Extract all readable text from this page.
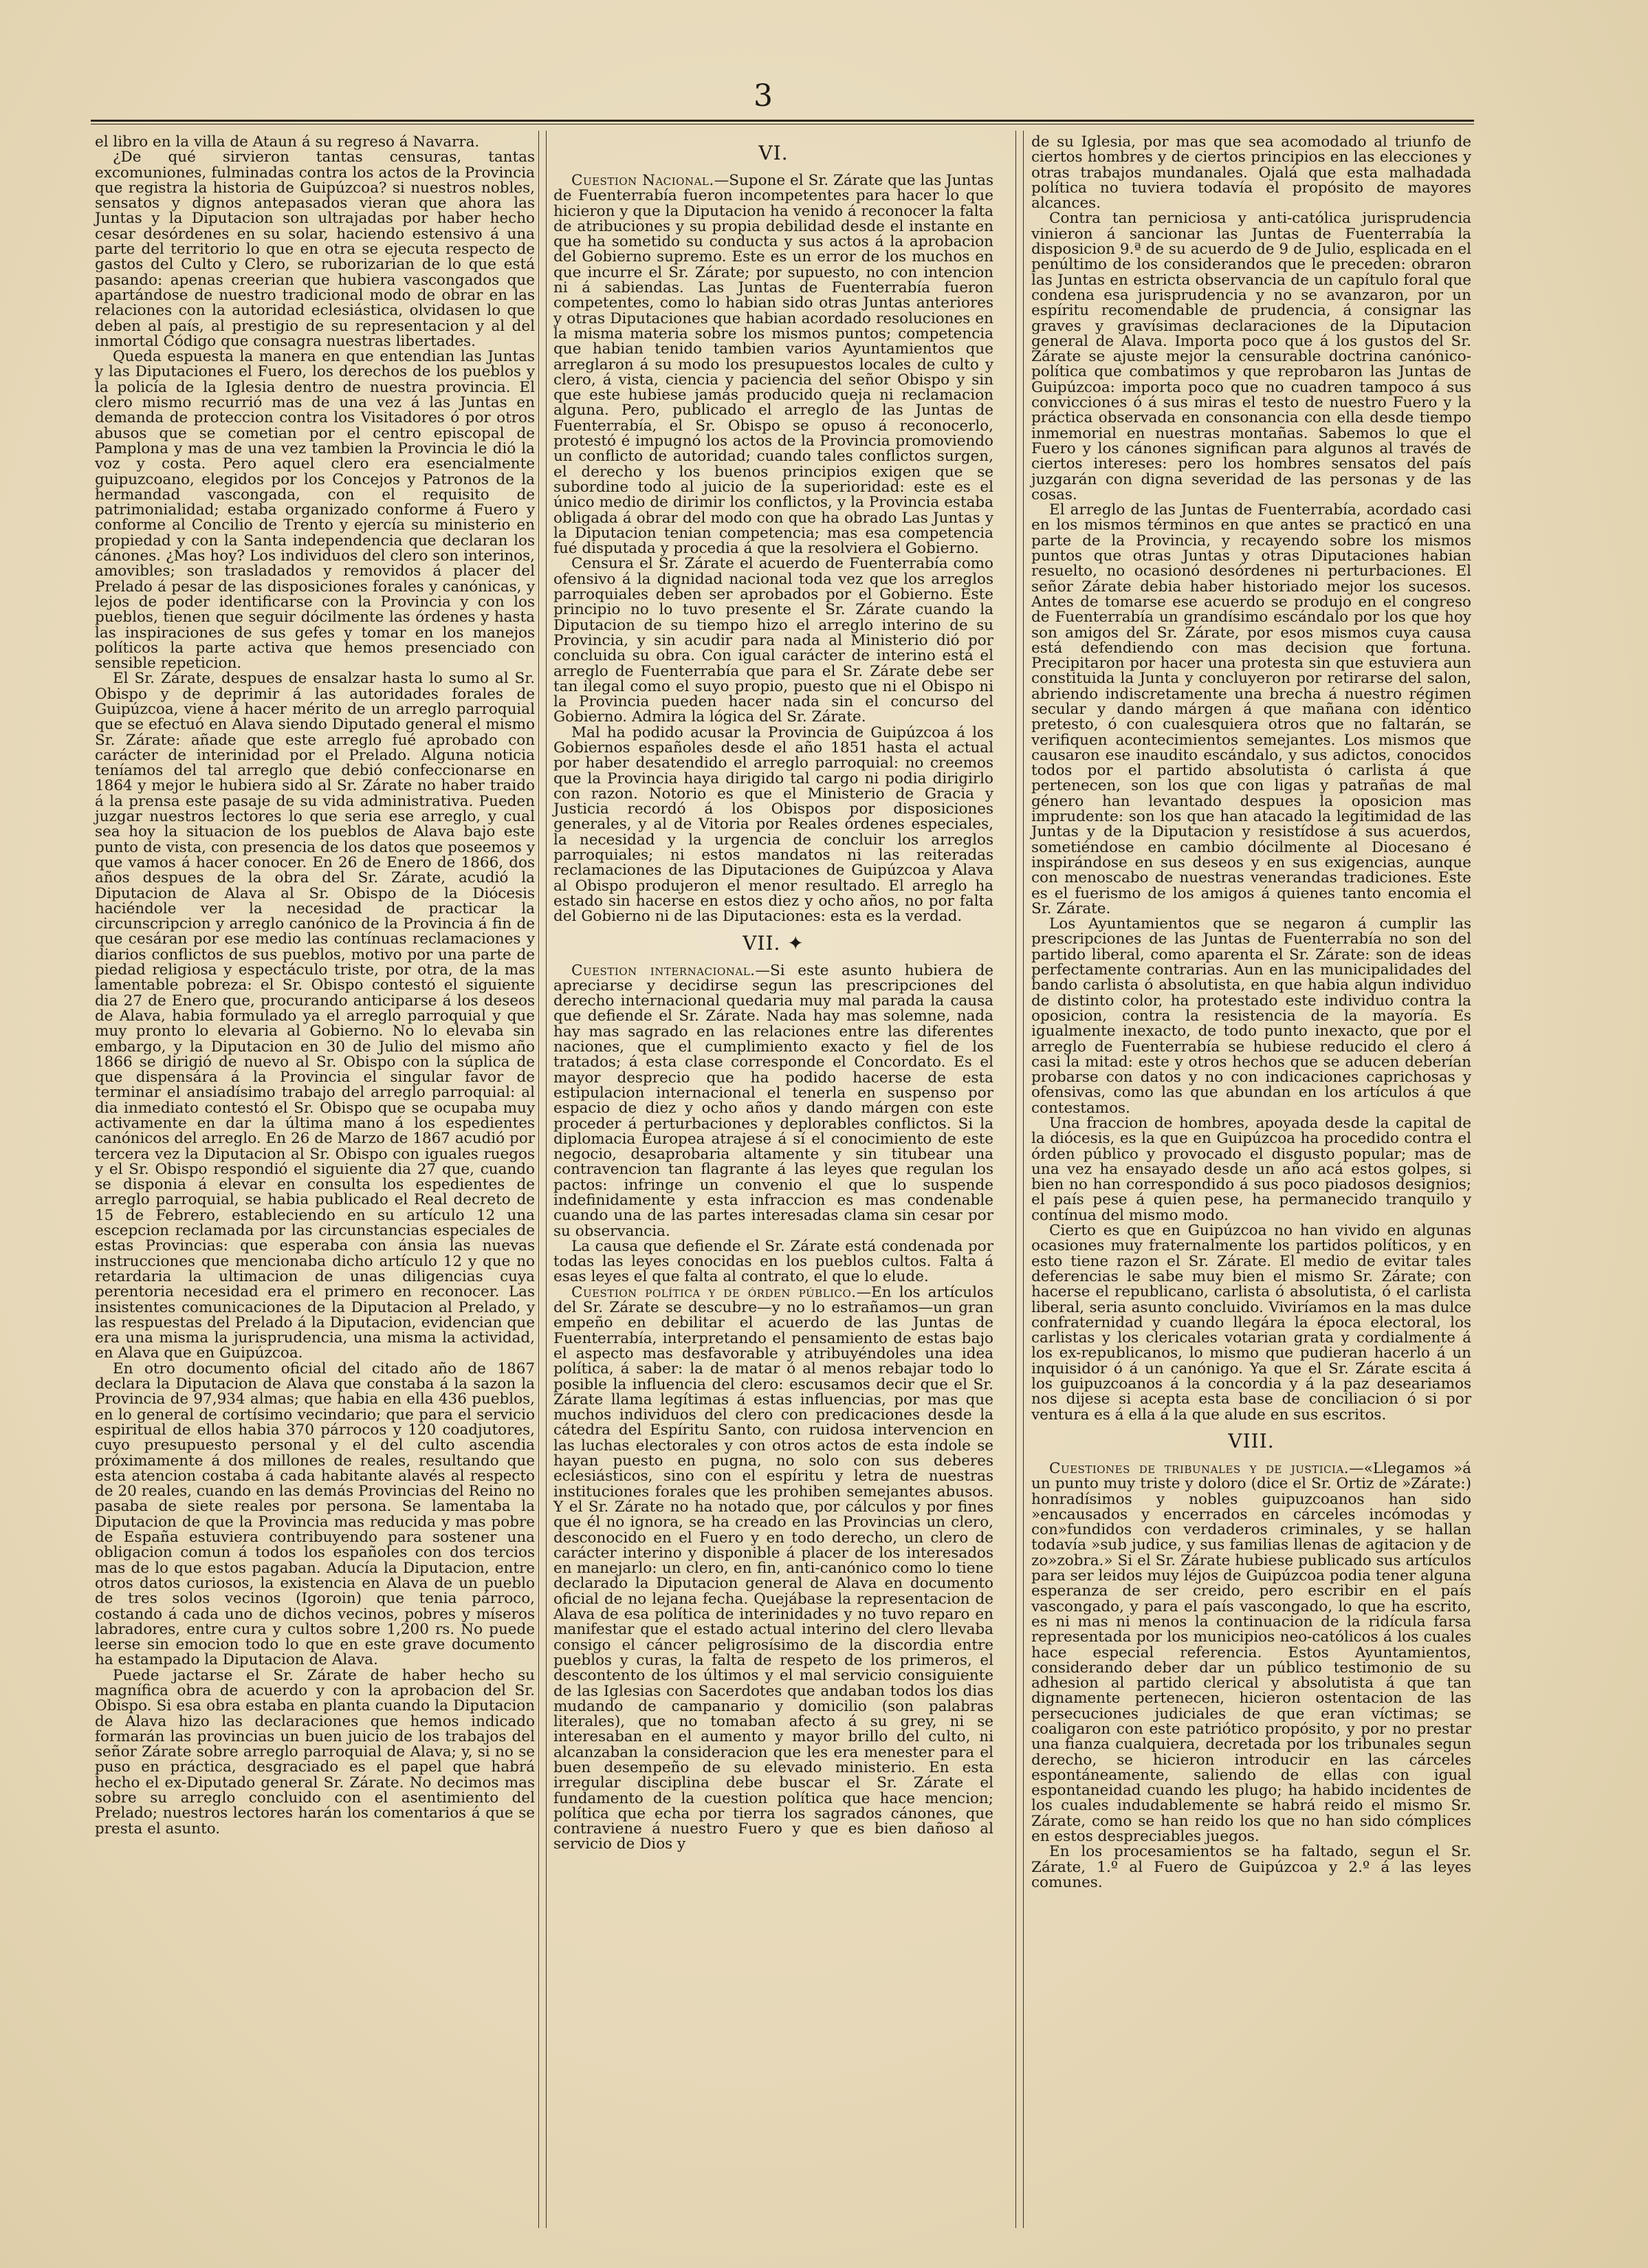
3

el libro en la villa de Ataun á su regreso á Navarra.

¿De qué sirvieron tantas censuras, tantas excomuniones, fulminadas contra los actos de la Provincia que registra la historia de Guipúzcoa? si nuestros nobles, sensatos y dignos antepasados vieran que ahora las Juntas y la Diputacion son ultrajadas por haber hecho cesar desórdenes en su solar, haciendo estensivo á una parte del territorio lo que en otra se ejecuta respecto de gastos del Culto y Clero, se ruborizarian de lo que está pasando: apenas creerian que hubiera vascongados que apartándose de nuestro tradicional modo de obrar en las relaciones con la autoridad eclesiástica, olvidasen lo que deben al país, al prestigio de su representacion y al del inmortal Código que consagra nuestras libertades.

Queda espuesta la manera en que entendian las Juntas y las Diputaciones el Fuero, los derechos de los pueblos y la policía de la Iglesia dentro de nuestra provincia. El clero mismo recurrió mas de una vez á las Juntas en demanda de proteccion contra los Visitadores ó por otros abusos que se cometian por el centro episcopal de Pamplona y mas de una vez tambien la Provincia le dió la voz y costa. Pero aquel clero era esencialmente guipuzcoano, elegidos por los Concejos y Patronos de la hermandad vascongada, con el requisito de patrimonialidad; estaba organizado conforme á Fuero y conforme al Concilio de Trento y ejercía su ministerio en propiedad y con la Santa independencia que declaran los cánones. ¿Mas hoy? Los individuos del clero son interinos, amovibles; son trasladados y removidos á placer del Prelado á pesar de las disposiciones forales y canónicas, y lejos de poder identificarse con la Provincia y con los pueblos, tienen que seguir dócilmente las órdenes y hasta las inspiraciones de sus gefes y tomar en los manejos políticos la parte activa que hemos presenciado con sensible repeticion.

El Sr. Zárate, despues de ensalzar hasta lo sumo al Sr. Obispo y de deprimir á las autoridades forales de Guipúzcoa, viene á hacer mérito de un arreglo parroquial que se efectuó en Alava siendo Diputado general el mismo Sr. Zárate: añade que este arreglo fué aprobado con carácter de interinidad por el Prelado. Alguna noticia teníamos del tal arreglo que debió confeccionarse en 1864 y mejor le hubiera sido al Sr. Zárate no haber traido á la prensa este pasaje de su vida administrativa. Pueden juzgar nuestros lectores lo que seria ese arreglo, y cual sea hoy la situacion de los pueblos de Alava bajo este punto de vista, con presencia de los datos que poseemos y que vamos á hacer conocer. En 26 de Enero de 1866, dos años despues de la obra del Sr. Zárate, acudió la Diputacion de Alava al Sr. Obispo de la Diócesis haciéndole ver la necesidad de practicar la circunscripcion y arreglo canónico de la Provincia á fin de que cesáran por ese medio las contínuas reclamaciones y diarios conflictos de sus pueblos, motivo por una parte de piedad religiosa y espectáculo triste, por otra, de la mas lamentable pobreza: el Sr. Obispo contestó el siguiente dia 27 de Enero que, procurando anticiparse á los deseos de Alava, habia formulado ya el arreglo parroquial y que muy pronto lo elevaria al Gobierno. No lo elevaba sin embargo, y la Diputacion en 30 de Julio del mismo año 1866 se dirigió de nuevo al Sr. Obispo con la súplica de que dispensára á la Provincia el singular favor de terminar el ansiadísimo trabajo del arreglo parroquial: al dia inmediato contestó el Sr. Obispo que se ocupaba muy activamente en dar la última mano á los espedientes canónicos del arreglo. En 26 de Marzo de 1867 acudió por tercera vez la Diputacion al Sr. Obispo con iguales ruegos y el Sr. Obispo respondió el siguiente dia 27 que, cuando se disponia á elevar en consulta los espedientes de arreglo parroquial, se habia publicado el Real decreto de 15 de Febrero, estableciendo en su artículo 12 una escepcion reclamada por las circunstancias especiales de estas Provincias: que esperaba con ánsia las nuevas instrucciones que mencionaba dicho artículo 12 y que no retardaria la ultimacion de unas diligencias cuya perentoria necesidad era el primero en reconocer. Las insistentes comunicaciones de la Diputacion al Prelado, y las respuestas del Prelado á la Diputacion, evidencian que era una misma la jurisprudencia, una misma la actividad, en Alava que en Guipúzcoa.

En otro documento oficial del citado año de 1867 declara la Diputacion de Alava que constaba á la sazon la Provincia de 97,934 almas; que habia en ella 436 pueblos, en lo general de cortísimo vecindario; que para el servicio espiritual de ellos habia 370 párrocos y 120 coadjutores, cuyo presupuesto personal y el del culto ascendia próximamente á dos millones de reales, resultando que esta atencion costaba á cada habitante alavés al respecto de 20 reales, cuando en las demás Provincias del Reino no pasaba de siete reales por persona. Se lamentaba la Diputacion de que la Provincia mas reducida y mas pobre de España estuviera contribuyendo para sostener una obligacion comun á todos los españoles con dos tercios mas de lo que estos pagaban. Aducía la Diputacion, entre otros datos curiosos, la existencia en Alava de un pueblo de tres solos vecinos (Igoroin) que tenia párroco, costando á cada uno de dichos vecinos, pobres y míseros labradores, entre cura y cultos sobre 1,200 rs. No puede leerse sin emocion todo lo que en este grave documento ha estampado la Diputacion de Alava.

Puede jactarse el Sr. Zárate de haber hecho su magnífica obra de acuerdo y con la aprobacion del Sr. Obispo. Si esa obra estaba en planta cuando la Diputacion de Alava hizo las declaraciones que hemos indicado formarán las provincias un buen juicio de los trabajos del señor Zárate sobre arreglo parroquial de Alava; y, si no se puso en práctica, desgraciado es el papel que habrá hecho el ex-Diputado general Sr. Zárate. No decimos mas sobre su arreglo concluido con el asentimiento del Prelado; nuestros lectores harán los comentarios á que se presta el asunto.

VI.

Cuestion Nacional.—Supone el Sr. Zárate que las Juntas de Fuenterrabía fueron incompetentes para hacer lo que hicieron y que la Diputacion ha venido á reconocer la falta de atribuciones y su propia debilidad desde el instante en que ha sometido su conducta y sus actos á la aprobacion del Gobierno supremo. Este es un error de los muchos en que incurre el Sr. Zárate; por supuesto, no con intencion ni á sabiendas. Las Juntas de Fuenterrabía fueron competentes, como lo habian sido otras Juntas anteriores y otras Diputaciones que habian acordado resoluciones en la misma materia sobre los mismos puntos; competencia que habian tenido tambien varios Ayuntamientos que arreglaron á su modo los presupuestos locales de culto y clero, á vista, ciencia y paciencia del señor Obispo y sin que este hubiese jamás producido queja ni reclamacion alguna. Pero, publicado el arreglo de las Juntas de Fuenterrabía, el Sr. Obispo se opuso á reconocerlo, protestó é impugnó los actos de la Provincia promoviendo un conflicto de autoridad; cuando tales conflictos surgen, el derecho y los buenos principios exigen que se subordine todo al juicio de la superioridad: este es el único medio de dirimir los conflictos, y la Provincia estaba obligada á obrar del modo con que ha obrado Las Juntas y la Diputacion tenian competencia; mas esa competencia fué disputada y procedia á que la resolviera el Gobierno.

Censura el Sr. Zárate el acuerdo de Fuenterrabía como ofensivo á la dignidad nacional toda vez que los arreglos parroquiales deben ser aprobados por el Gobierno. Este principio no lo tuvo presente el Sr. Zárate cuando la Diputacion de su tiempo hizo el arreglo interino de su Provincia, y sin acudir para nada al Ministerio dió por concluida su obra. Con igual carácter de interino está el arreglo de Fuenterrabía que para el Sr. Zárate debe ser tan ilegal como el suyo propio, puesto que ni el Obispo ni la Provincia pueden hacer nada sin el concurso del Gobierno. Admira la lógica del Sr. Zárate.

Mal ha podido acusar la Provincia de Guipúzcoa á los Gobiernos españoles desde el año 1851 hasta el actual por haber desatendido el arreglo parroquial: no creemos que la Provincia haya dirigido tal cargo ni podia dirigirlo con razon. Notorio es que el Ministerio de Gracia y Justicia recordó á los Obispos por disposiciones generales, y al de Vitoria por Reales órdenes especiales, la necesidad y la urgencia de concluir los arreglos parroquiales; ni estos mandatos ni las reiteradas reclamaciones de las Diputaciones de Guipúzcoa y Alava al Obispo produjeron el menor resultado. El arreglo ha estado sin hacerse en estos diez y ocho años, no por falta del Gobierno ni de las Diputaciones: esta es la verdad.

VII. ✦

Cuestion internacional.—Si este asunto hubiera de apreciarse y decidirse segun las prescripciones del derecho internacional quedaria muy mal parada la causa que defiende el Sr. Zárate. Nada hay mas solemne, nada hay mas sagrado en las relaciones entre las diferentes naciones, que el cumplimiento exacto y fiel de los tratados; á esta clase corresponde el Concordato. Es el mayor desprecio que ha podido hacerse de esta estipulacion internacional el tenerla en suspenso por espacio de diez y ocho años y dando márgen con este proceder á perturbaciones y deplorables conflictos. Si la diplomacia Europea atrajese á sí el conocimiento de este negocio, desaprobaria altamente y sin titubear una contravencion tan flagrante á las leyes que regulan los pactos: infringe un convenio el que lo suspende indefinidamente y esta infraccion es mas condenable cuando una de las partes interesadas clama sin cesar por su observancia.

La causa que defiende el Sr. Zárate está condenada por todas las leyes conocidas en los pueblos cultos. Falta á esas leyes el que falta al contrato, el que lo elude.

Cuestion política y de órden público.—En los artículos del Sr. Zárate se descubre—y no lo estrañamos—un gran empeño en debilitar el acuerdo de las Juntas de Fuenterrabía, interpretando el pensamiento de estas bajo el aspecto mas desfavorable y atribuyéndoles una idea política, á saber: la de matar ó al menos rebajar todo lo posible la influencia del clero: escusamos decir que el Sr. Zárate llama legítimas á estas influencias, por mas que muchos individuos del clero con predicaciones desde la cátedra del Espíritu Santo, con ruidosa intervencion en las luchas electorales y con otros actos de esta índole se hayan puesto en pugna, no solo con sus deberes eclesiásticos, sino con el espíritu y letra de nuestras instituciones forales que les prohiben semejantes abusos. Y el Sr. Zárate no ha notado que, por cálculos y por fines que él no ignora, se ha creado en las Provincias un clero, desconocido en el Fuero y en todo derecho, un clero de carácter interino y disponible á placer de los interesados en manejarlo: un clero, en fin, anti-canónico como lo tiene declarado la Diputacion general de Alava en documento oficial de no lejana fecha. Quejábase la representacion de Alava de esa política de interinidades y no tuvo reparo en manifestar que el estado actual interino del clero llevaba consigo el cáncer peligrosísimo de la discordia entre pueblos y curas, la falta de respeto de los primeros, el descontento de los últimos y el mal servicio consiguiente de las Iglesias con Sacerdotes que andaban todos los dias mudando de campanario y domicilio (son palabras literales), que no tomaban afecto á su grey, ni se interesaban en el aumento y mayor brillo del culto, ni alcanzaban la consideracion que les era menester para el buen desempeño de su elevado ministerio. En esta irregular disciplina debe buscar el Sr. Zárate el fundamento de la cuestion política que hace mencion; política que echa por tierra los sagrados cánones, que contraviene á nuestro Fuero y que es bien dañoso al servicio de Dios y

de su Iglesia, por mas que sea acomodado al triunfo de ciertos hombres y de ciertos principios en las elecciones y otras trabajos mundanales. Ojalá que esta malhadada política no tuviera todavía el propósito de mayores alcances.

Contra tan perniciosa y anti-católica jurisprudencia vinieron á sancionar las Juntas de Fuenterrabía la disposicion 9.ª de su acuerdo de 9 de Julio, esplicada en el penúltimo de los considerandos que le preceden: obraron las Juntas en estricta observancia de un capítulo foral que condena esa jurisprudencia y no se avanzaron, por un espíritu recomendable de prudencia, á consignar las graves y gravísimas declaraciones de la Diputacion general de Alava. Importa poco que á los gustos del Sr. Zárate se ajuste mejor la censurable doctrina canónico-política que combatimos y que reprobaron las Juntas de Guipúzcoa: importa poco que no cuadren tampoco á sus convicciones ó á sus miras el testo de nuestro Fuero y la práctica observada en consonancia con ella desde tiempo inmemorial en nuestras montañas. Sabemos lo que el Fuero y los cánones significan para algunos al través de ciertos intereses: pero los hombres sensatos del país juzgarán con digna severidad de las personas y de las cosas.

El arreglo de las Juntas de Fuenterrabía, acordado casi en los mismos términos en que antes se practicó en una parte de la Provincia, y recayendo sobre los mismos puntos que otras Juntas y otras Diputaciones habian resuelto, no ocasionó desórdenes ni perturbaciones. El señor Zárate debia haber historiado mejor los sucesos. Antes de tomarse ese acuerdo se produjo en el congreso de Fuenterrabía un grandísimo escándalo por los que hoy son amigos del Sr. Zárate, por esos mismos cuya causa está defendiendo con mas decision que fortuna. Precipitaron por hacer una protesta sin que estuviera aun constituida la Junta y concluyeron por retirarse del salon, abriendo indiscretamente una brecha á nuestro régimen secular y dando márgen á que mañana con idéntico pretesto, ó con cualesquiera otros que no faltarán, se verifiquen acontecimientos semejantes. Los mismos que causaron ese inaudito escándalo, y sus adictos, conocidos todos por el partido absolutista ó carlista á que pertenecen, son los que con ligas y patrañas de mal género han levantado despues la oposicion mas imprudente: son los que han atacado la legitimidad de las Juntas y de la Diputacion y resistídose á sus acuerdos, sometiéndose en cambio dócilmente al Diocesano é inspirándose en sus deseos y en sus exigencias, aunque con menoscabo de nuestras venerandas tradiciones. Este es el fuerismo de los amigos á quienes tanto encomia el Sr. Zárate.

Los Ayuntamientos que se negaron á cumplir las prescripciones de las Juntas de Fuenterrabía no son del partido liberal, como aparenta el Sr. Zárate: son de ideas perfectamente contrarias. Aun en las municipalidades del bando carlista ó absolutista, en que habia algun individuo de distinto color, ha protestado este individuo contra la oposicion, contra la resistencia de la mayoría. Es igualmente inexacto, de todo punto inexacto, que por el arreglo de Fuenterrabía se hubiese reducido el clero á casi la mitad: este y otros hechos que se aducen deberían probarse con datos y no con indicaciones caprichosas y ofensivas, como las que abundan en los artículos á que contestamos.

Una fraccion de hombres, apoyada desde la capital de la diócesis, es la que en Guipúzcoa ha procedido contra el órden público y provocado el disgusto popular; mas de una vez ha ensayado desde un año acá estos golpes, si bien no han correspondido á sus poco piadosos designios; el país pese á quien pese, ha permanecido tranquilo y contínua del mismo modo.

Cierto es que en Guipúzcoa no han vivido en algunas ocasiones muy fraternalmente los partidos políticos, y en esto tiene razon el Sr. Zárate. El medio de evitar tales deferencias le sabe muy bien el mismo Sr. Zárate; con hacerse el republicano, carlista ó absolutista, ó el carlista liberal, seria asunto concluido. Viviríamos en la mas dulce confraternidad y cuando llegára la época electoral, los carlistas y los clericales votarian grata y cordialmente á los ex-republicanos, lo mismo que pudieran hacerlo á un inquisidor ó á un canónigo. Ya que el Sr. Zárate escita á los guipuzcoanos á la concordia y á la paz deseariamos nos dijese si acepta esta base de conciliacion ó si por ventura es á ella á la que alude en sus escritos.

VIII.

Cuestiones de tribunales y de justicia.—«Llegamos »á un punto muy triste y doloro (dice el Sr. Ortiz de »Zárate:) honradísimos y nobles guipuzcoanos han sido »encausados y encerrados en cárceles incómodas y con»fundidos con verdaderos criminales, y se hallan todavía »sub judice, y sus familias llenas de agitacion y de zo»zobra.» Si el Sr. Zárate hubiese publicado sus artículos para ser leidos muy léjos de Guipúzcoa podia tener alguna esperanza de ser creido, pero escribir en el país vascongado, y para el país vascongado, lo que ha escrito, es ni mas ni menos la continuacion de la ridícula farsa representada por los municipios neo-católicos á los cuales hace especial referencia. Estos Ayuntamientos, considerando deber dar un público testimonio de su adhesion al partido clerical y absolutista á que tan dignamente pertenecen, hicieron ostentacion de las persecuciones judiciales de que eran víctimas; se coaligaron con este patriótico propósito, y por no prestar una fianza cualquiera, decretada por los tribunales segun derecho, se hicieron introducir en las cárceles espontáneamente, saliendo de ellas con igual espontaneidad cuando les plugo; ha habido incidentes de los cuales indudablemente se habrá reido el mismo Sr. Zárate, como se han reido los que no han sido cómplices en estos despreciables juegos.

En los procesamientos se ha faltado, segun el Sr. Zárate, 1.º al Fuero de Guipúzcoa y 2.º á las leyes comunes.
